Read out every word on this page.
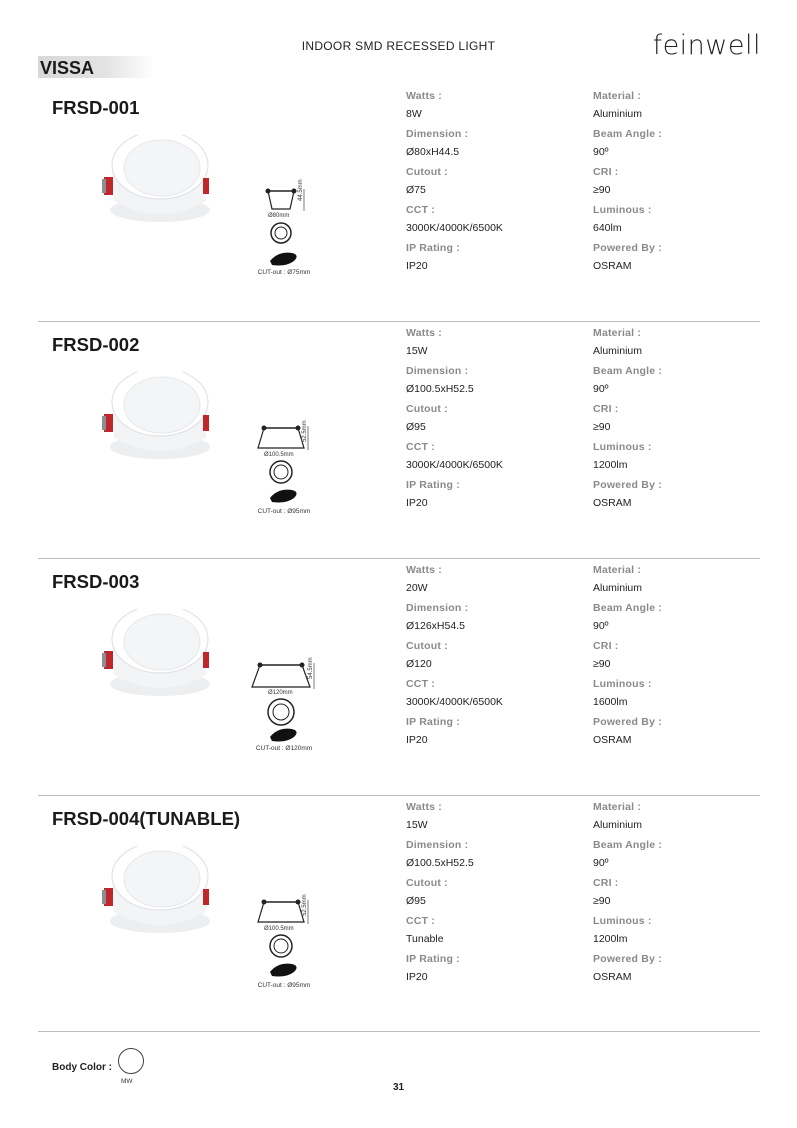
INDOOR SMD RECESSED LIGHT	feinwell
VISSA
FRSD-001
Ø80mm
44.5mm
CUT-out : Ø75mm
Watts :
8W
Dimension :
Ø80xH44.5
Cutout :
Ø75
CCT :
3000K/4000K/6500K
IP Rating :
IP20
Material :
Aluminium
Beam Angle :
90º
CRI :
≥90
Luminous :
640lm
Powered By :
OSRAM
FRSD-002
Ø100.5mm
52.5mm
CUT-out : Ø95mm
Watts :
15W
Dimension :
Ø100.5xH52.5
Cutout :
Ø95
CCT :
3000K/4000K/6500K
IP Rating :
IP20
Material :
Aluminium
Beam Angle :
90º
CRI :
≥90
Luminous :
1200lm
Powered By :
OSRAM
FRSD-003
Ø120mm
54.5mm
CUT-out : Ø120mm
Watts :
20W
Dimension :
Ø126xH54.5
Cutout :
Ø120
CCT :
3000K/4000K/6500K
IP Rating :
IP20
Material :
Aluminium
Beam Angle :
90º
CRI :
≥90
Luminous :
1600lm
Powered By :
OSRAM
FRSD-004(TUNABLE)
Ø100.5mm
52.5mm
CUT-out : Ø95mm
Watts :
15W
Dimension :
Ø100.5xH52.5
Cutout :
Ø95
CCT :
Tunable
IP Rating :
IP20
Material :
Aluminium
Beam Angle :
90º
CRI :
≥90
Luminous :
1200lm
Powered By :
OSRAM
Body Color :
MW
31
